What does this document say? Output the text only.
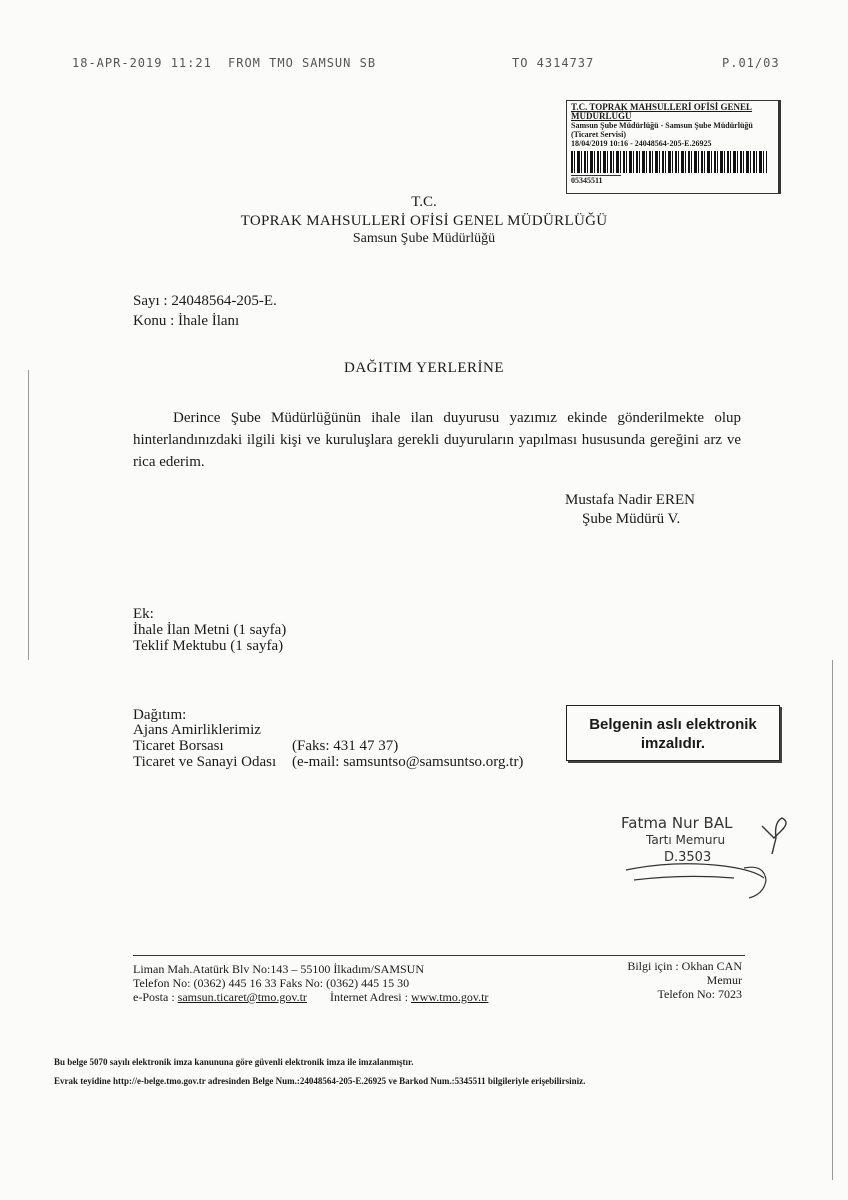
18-APR-2019 11:21 FROM TMO SAMSUN SB	TO 4314737	P.01/03
T.C. TOPRAK MAHSULLERİ OFİSİ GENEL MÜDÜRLÜĞÜ
Samsun Şube Müdürlüğü - Samsun Şube Müdürlüğü (Ticaret Servisi)
18/04/2019 10:16 - 24048564-205-E.26925
05345511
T.C.
TOPRAK MAHSULLERİ OFİSİ GENEL MÜDÜRLÜĞÜ
Samsun Şube Müdürlüğü
Sayı : 24048564-205-E.
Konu : İhale İlanı
DAĞITIM YERLERİNE
Derince Şube Müdürlüğünün ihale ilan duyurusu yazımız ekinde gönderilmekte olup hinterlandınızdaki ilgili kişi ve kuruluşlara gerekli duyuruların yapılması hususunda gereğini arz ve rica ederim.
Mustafa Nadir EREN
Şube Müdürü V.
Ek:
İhale İlan Metni (1 sayfa)
Teklif Mektubu (1 sayfa)
Dağıtım:
Ajans Amirliklerimiz
Ticaret Borsası	(Faks: 431 47 37)
Ticaret ve Sanayi Odası (e-mail: samsuntso@samsuntso.org.tr)
Belgenin aslı elektronik
imzalıdır.
Fatma Nur BAL
Tartı Memuru
D.3503
Liman Mah.Atatürk Blv No:143 – 55100 İlkadım/SAMSUN
Telefon No: (0362) 445 16 33 Faks No: (0362) 445 15 30
e-Posta : samsun.ticaret@tmo.gov.tr İnternet Adresi : www.tmo.gov.tr
Bilgi için : Okhan CAN
Memur
Telefon No: 7023
Bu belge 5070 sayılı elektronik imza kanununa göre güvenli elektronik imza ile imzalanmıştır.
Evrak teyidine http://e-belge.tmo.gov.tr adresinden Belge Num.:24048564-205-E.26925 ve Barkod Num.:5345511 bilgileriyle erişebilirsiniz.
